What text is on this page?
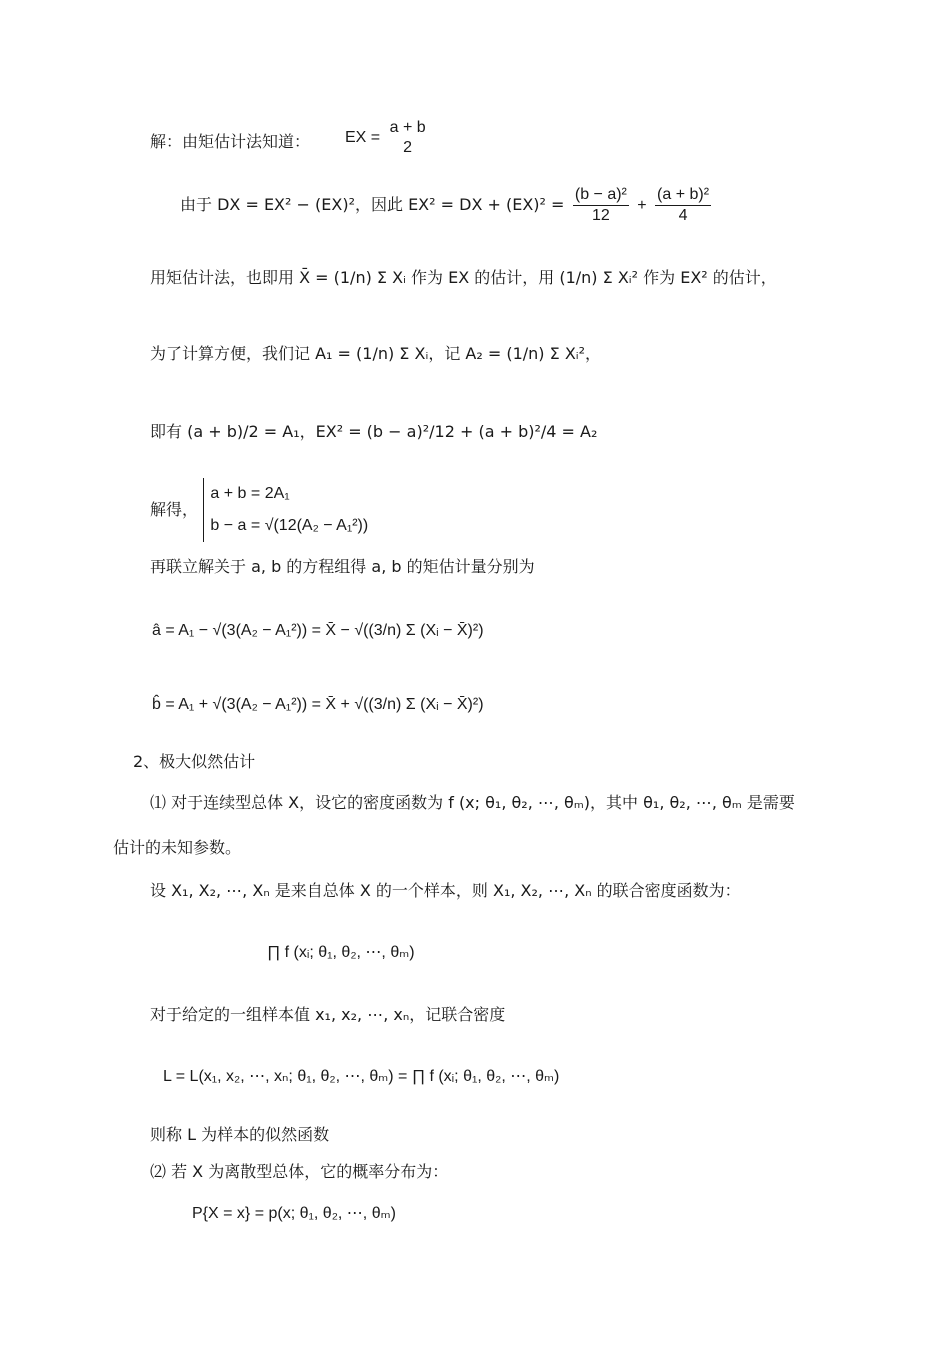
解：由矩估计法知道： EX =
a + b
2
由于 DX = EX² − (EX)²，因此 EX² = DX + $(EX)^2 = \frac{\text{(b − a)²}}{12} + \frac{\text{(a + b)²}}{4}$
用矩估计法，也即用 X̄ = (1/n) Σ Xᵢ 作为 EX 的估计，用 (1/n) Σ Xᵢ² 作为 EX² 的估计，
为了计算方便，我们记 A₁ = (1/n) Σ Xᵢ，记 A₂ = (1/n) Σ Xᵢ²，
即有 (a + b)/2 = A₁，EX² = (b − a)²/12 + (a + b)²/4 = A₂
解得，
a + b = 2A₁
b − a = √(12(A₂ − A₁²))
再联立解关于 a, b 的方程组得 a, b 的矩估计量分别为
â = A₁ − √(3(A₂ − A₁²)) = X̄ − √((3/n) Σ (Xᵢ − X̄)²)
b̂ = A₁ + √(3(A₂ − A₁²)) = X̄ + √((3/n) Σ (Xᵢ − X̄)²)
2、极大似然估计
⑴ 对于连续型总体 X，设它的密度函数为 f (x; θ₁, θ₂, ⋯, θₘ)，其中 θ₁, θ₂, ⋯, θₘ 是需要
估计的未知参数。
设 X₁, X₂, ⋯, Xₙ 是来自总体 X 的一个样本，则 X₁, X₂, ⋯, Xₙ 的联合密度函数为：
∏ f (xᵢ; θ₁, θ₂, ⋯, θₘ)
对于给定的一组样本值 x₁, x₂, ⋯, xₙ，记联合密度
L = L(x₁, x₂, ⋯, xₙ; θ₁, θ₂, ⋯, θₘ) = ∏ f (xᵢ; θ₁, θ₂, ⋯, θₘ)
则称 L 为样本的似然函数
⑵ 若 X 为离散型总体，它的概率分布为：
P{X = x} = p(x; θ₁, θ₂, ⋯, θₘ)
